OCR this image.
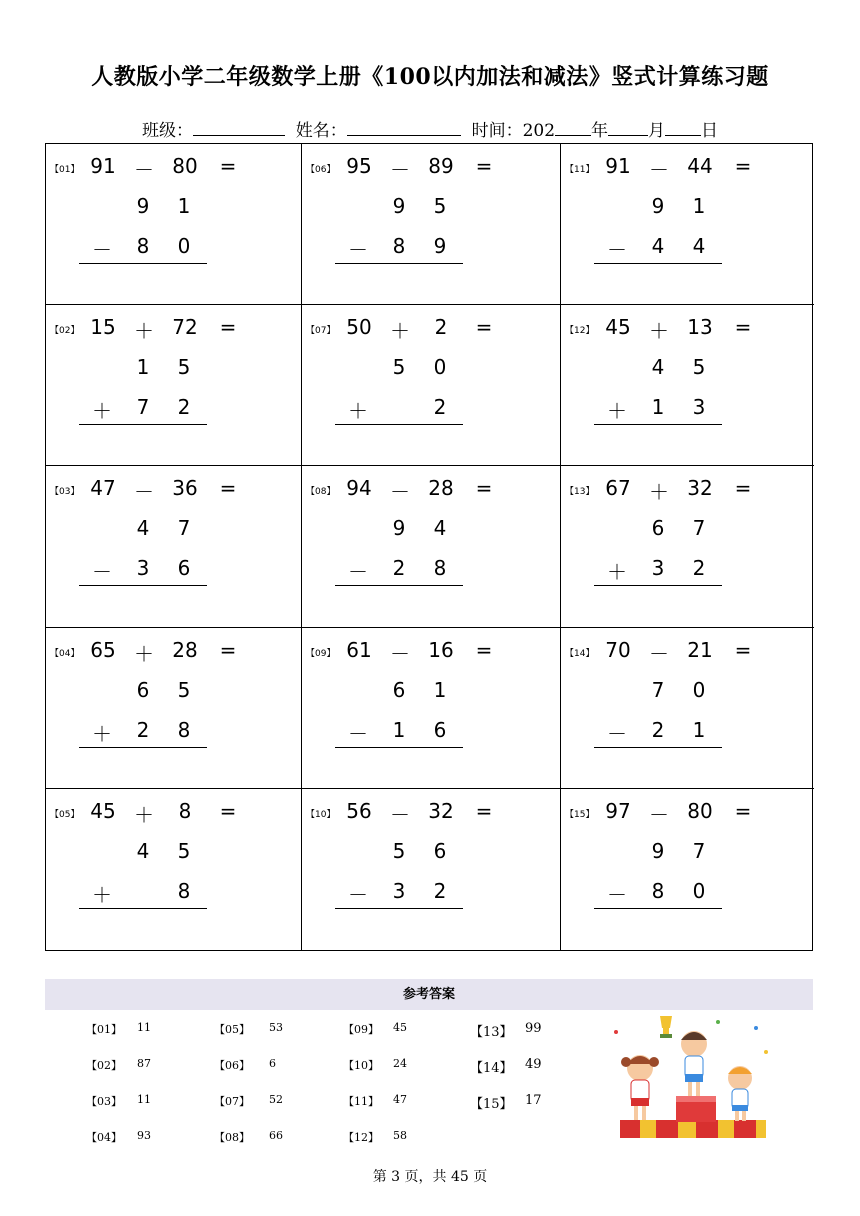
人教版小学二年级数学上册《100以内加法和减法》竖式计算练习题
班级：	姓名：	时间：202 年 月 日
【01】 91 － 80	=
9 1
－ 8 0
【06】 95 － 89	=
9 5
－ 8 9
【11】 91 － 44	=
9 1
－ 4 4
【02】 15 ＋ 72	=
1 5
＋ 7 2
【07】 50 ＋	2	=
5 0
＋	2
【12】 45 ＋ 13	=
4 5
＋ 1 3
【03】 47 － 36	=
4 7
－ 3 6
【08】 94 － 28	=
9 4
－ 2 8
【13】 67 ＋ 32	=
6 7
＋ 3 2
【04】 65 ＋ 28	=
6 5
＋ 2 8
【09】 61 － 16	=
6 1
－ 1 6
【14】 70 － 21	=
7 0
－ 2 1
【05】 45 ＋	8	=
4 5
＋	8
【10】 56 － 32	=
5 6
－ 3 2
【15】 97 － 80	=
9 7
－ 8 0
参考答案
【01】 11
【02】 87
【03】 11
【04】 93
【05】 53
【06】 6
【07】 52
【08】 66
【09】 45
【10】 24
【11】 47
【12】 58
【13】 99
【14】 49
【15】 17
第 3 页，共 45 页
